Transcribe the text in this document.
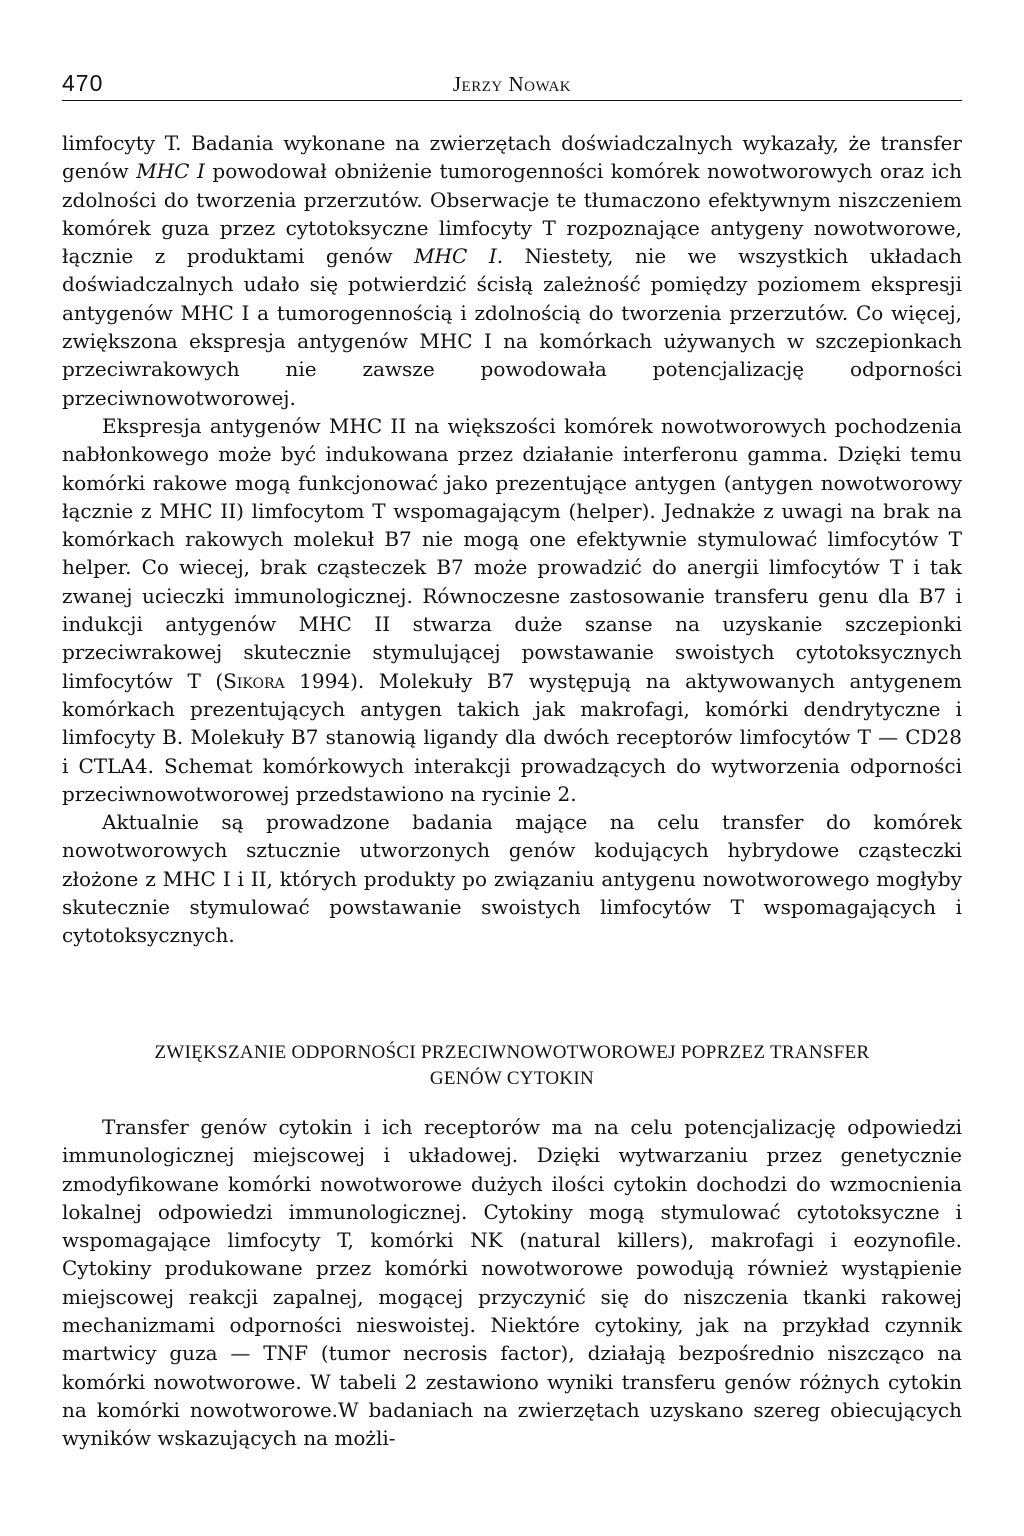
470	Jerzy Nowak

limfocyty T. Badania wykonane na zwierzętach doświadczalnych wykazały, że transfer genów MHC I powodował obniżenie tumorogenności komórek nowotworowych oraz ich zdolności do tworzenia przerzutów. Obserwacje te tłumaczono efektywnym niszczeniem komórek guza przez cytotoksyczne limfocyty T rozpoznające antygeny nowotworowe, łącznie z produktami genów MHC I. Niestety, nie we wszystkich układach doświadczalnych udało się potwierdzić ścisłą zależność pomiędzy poziomem ekspresji antygenów MHC I a tumorogennością i zdolnością do tworzenia przerzutów. Co więcej, zwiększona ekspresja antygenów MHC I na komórkach używanych w szczepionkach przeciwrakowych nie zawsze powodowała potencjalizację odporności przeciwnowotworowej.

Ekspresja antygenów MHC II na większości komórek nowotworowych pochodzenia nabłonkowego może być indukowana przez działanie interferonu gamma. Dzięki temu komórki rakowe mogą funkcjonować jako prezentujące antygen (antygen nowotworowy łącznie z MHC II) limfocytom T wspomagającym (helper). Jednakże z uwagi na brak na komórkach rakowych molekuł B7 nie mogą one efektywnie stymulować limfocytów T helper. Co wiecej, brak cząsteczek B7 może prowadzić do anergii limfocytów T i tak zwanej ucieczki immunologicznej. Równoczesne zastosowanie transferu genu dla B7 i indukcji antygenów MHC II stwarza duże szanse na uzyskanie szczepionki przeciwrakowej skutecznie stymulującej powstawanie swoistych cytotoksycznych limfocytów T (Sikora 1994). Molekuły B7 występują na aktywowanych antygenem komórkach prezentujących antygen takich jak makrofagi, komórki dendrytyczne i limfocyty B. Molekuły B7 stanowią ligandy dla dwóch receptorów limfocytów T — CD28 i CTLA4. Schemat komórkowych interakcji prowadzących do wytworzenia odporności przeciwnowotworowej przedstawiono na rycinie 2.

Aktualnie są prowadzone badania mające na celu transfer do komórek nowotworowych sztucznie utworzonych genów kodujących hybrydowe cząsteczki złożone z MHC I i II, których produkty po związaniu antygenu nowotworowego mogłyby skutecznie stymulować powstawanie swoistych limfocytów T wspomagających i cytotoksycznych.

ZWIĘKSZANIE ODPORNOŚCI PRZECIWNOWOTWOROWEJ POPRZEZ TRANSFER
GENÓW CYTOKIN

Transfer genów cytokin i ich receptorów ma na celu potencjalizację odpowiedzi immunologicznej miejscowej i układowej. Dzięki wytwarzaniu przez genetycznie zmodyfikowane komórki nowotworowe dużych ilości cytokin dochodzi do wzmocnienia lokalnej odpowiedzi immunologicznej. Cytokiny mogą stymulować cytotoksyczne i wspomagające limfocyty T, komórki NK (natural killers), makrofagi i eozynofile. Cytokiny produkowane przez komórki nowotworowe powodują również wystąpienie miejscowej reakcji zapalnej, mogącej przyczynić się do niszczenia tkanki rakowej mechanizmami odporności nieswoistej. Niektóre cytokiny, jak na przykład czynnik martwicy guza — TNF (tumor necrosis factor), działają bezpośrednio niszcząco na komórki nowotworowe. W tabeli 2 zestawiono wyniki transferu genów różnych cytokin na komórki nowotworowe.W badaniach na zwierzętach uzyskano szereg obiecujących wyników wskazujących na możli-
